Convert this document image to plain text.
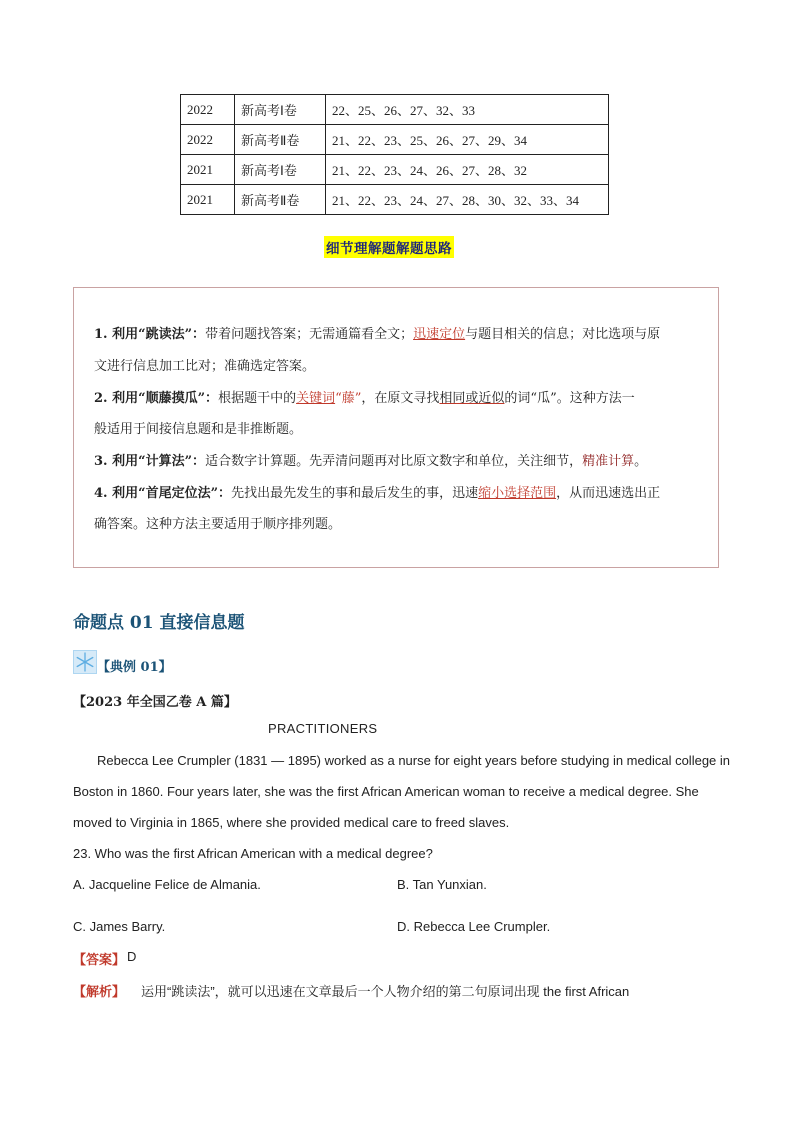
2022	新高考Ⅰ卷	22、25、26、27、32、33
2022	新高考Ⅱ卷	21、22、23、25、26、27、29、34
2021	新高考Ⅰ卷	21、22、23、24、26、27、28、32
2021	新高考Ⅱ卷	21、22、23、24、27、28、30、32、33、34
细节理解题解题思路
1. 利用“跳读法”：带着问题找答案；无需通篇看全文；迅速定位与题目相关的信息；对比选项与原
文进行信息加工比对；准确选定答案。
2. 利用“顺藤摸瓜”：根据题干中的关键词“藤”，在原文寻找相同或近似的词“瓜”。这种方法一
般适用于间接信息题和是非推断题。
3. 利用“计算法”：适合数字计算题。先弄清问题再对比原文数字和单位，关注细节，精准计算。
4. 利用“首尾定位法”：先找出最先发生的事和最后发生的事，迅速缩小选择范围，从而迅速选出正
确答案。这种方法主要适用于顺序排列题。
命题点 01 直接信息题
【典例 01】
【2023 年全国乙卷 A 篇】
PRACTITIONERS
Rebecca Lee Crumpler (1831 — 1895) worked as a nurse for eight years before studying in medical college in
Boston in 1860. Four years later, she was the first African American woman to receive a medical degree. She
moved to Virginia in 1865, where she provided medical care to freed slaves.
23. Who was the first African American with a medical degree?
A. Jacqueline Felice de Almania.	B. Tan Yunxian.
C. James Barry.	D. Rebecca Lee Crumpler.
【答案】 D
【解析】 运用“跳读法”，就可以迅速在文章最后一个人物介绍的第二句原词出现 the first African
